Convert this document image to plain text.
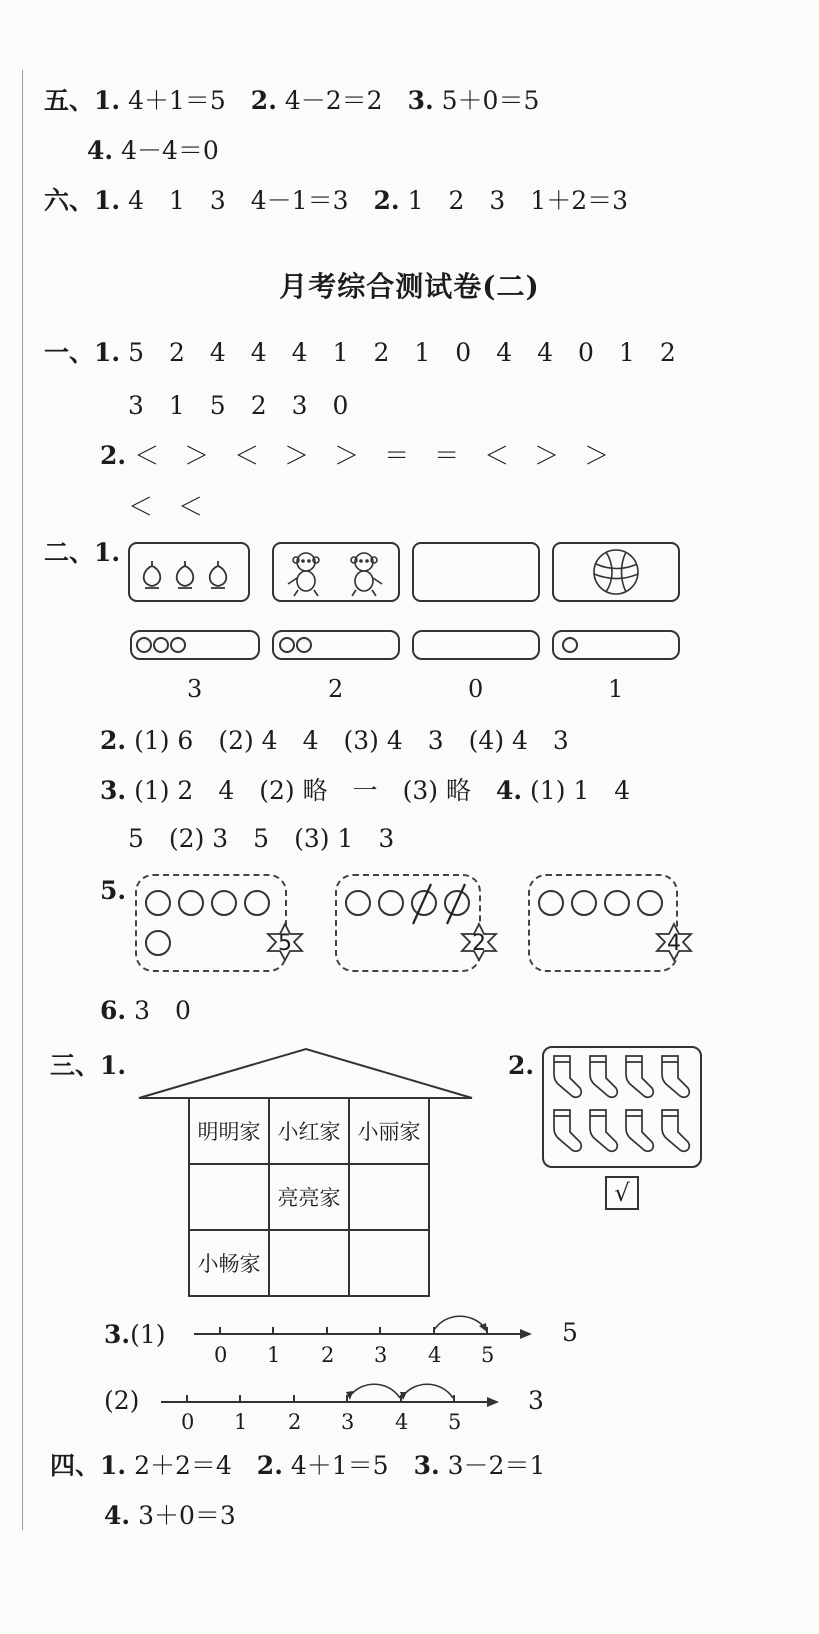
五、1. 4＋1＝5　 2. 4－2＝2　 3. 5＋0＝5
4. 4－4＝0
六、1. 4　1　3　4－1＝3　 2. 1　2　3　1＋2＝3
月考综合测试卷(二)
一、1. 5　2　4　4　4　1　2　1　0　4　4　0　1　2
3　1　5　2　3　0
2. ＜　＞　＜　＞　＞　＝　＝　＜　＞　＞
＜　＜
二、1.
3	2	0	1
2. (1) 6　(2) 4　4　(3) 4　3　(4) 4　3
3. (1) 2　4　(2) 略　一　(3) 略　 4. (1) 1　4
5　(2) 3　5　(3) 1　3
5.
5	2	4
6. 3　0
三、1.
明明家	小红家	小丽家
	亮亮家	
小畅家		
2.
√
3.(1)
0 1 2 3 4 5
5
(2)
0 1 2 3 4 5
3
四、1. 2＋2＝4　 2. 4＋1＝5　 3. 3－2＝1
4. 3＋0＝3
